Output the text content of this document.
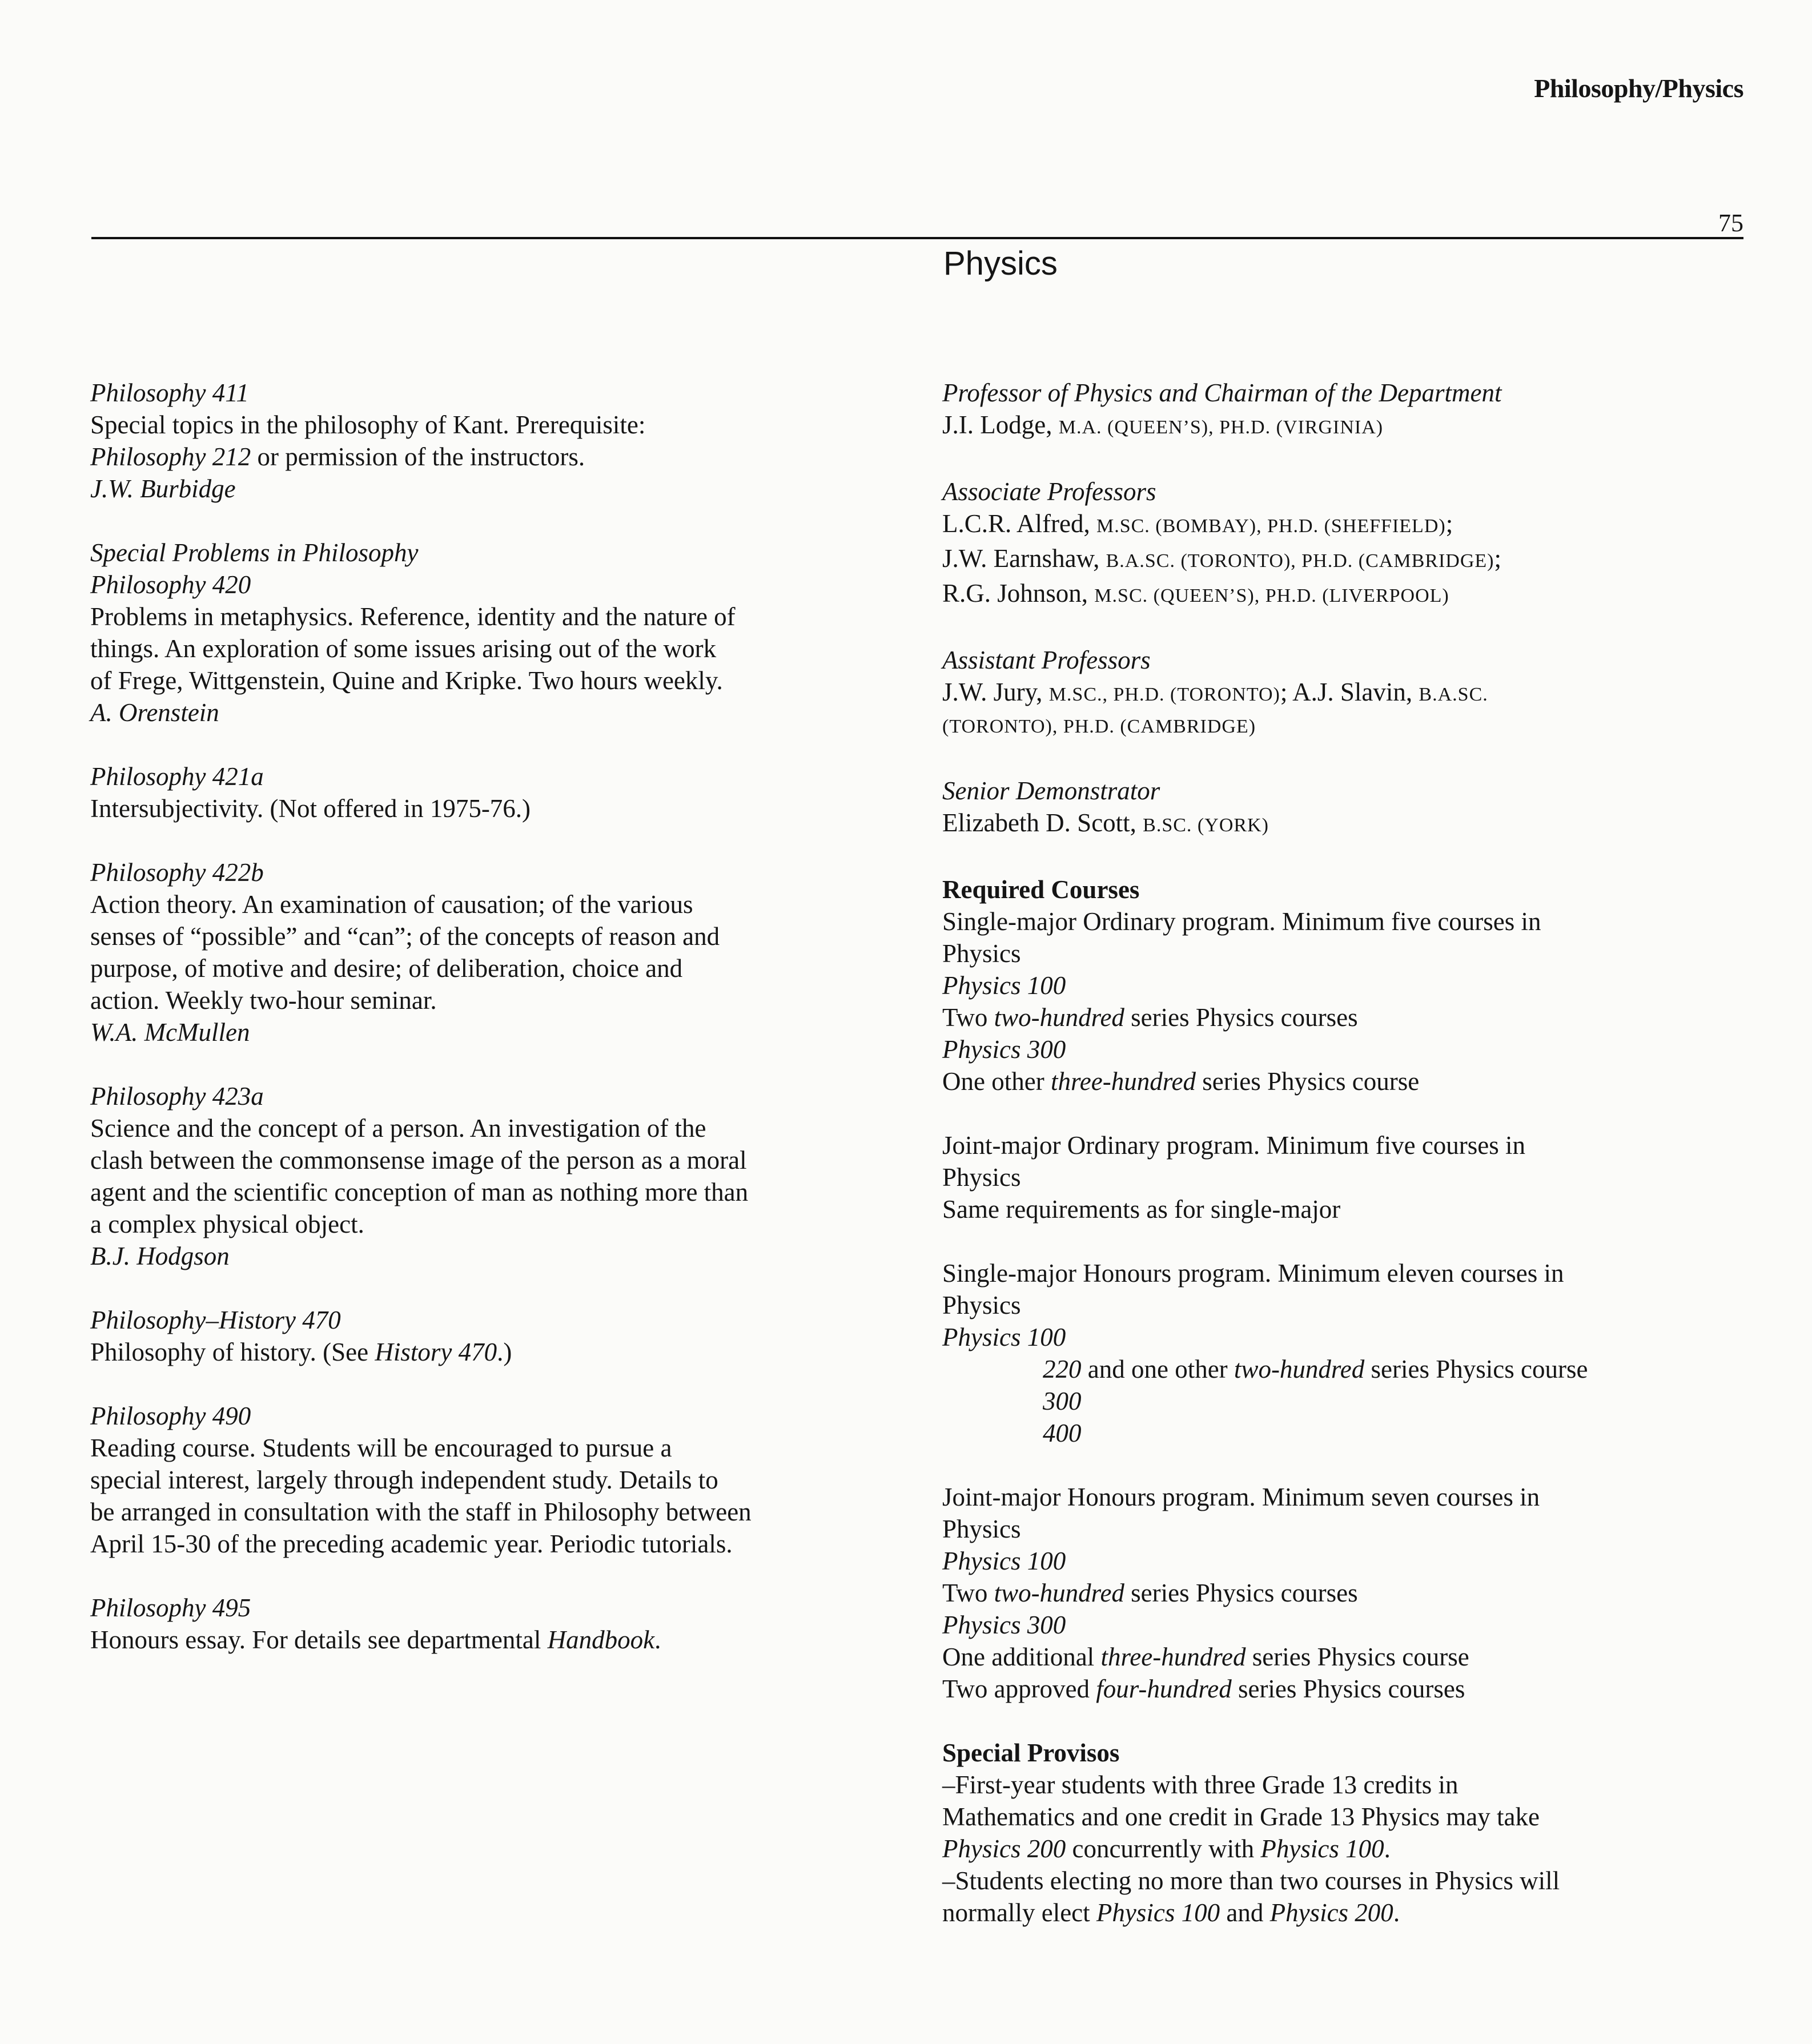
Philosophy/Physics
75
Physics
Philosophy 411
Special topics in the philosophy of Kant. Prerequisite:
Philosophy 212 or permission of the instructors.
J.W. Burbidge
Special Problems in Philosophy
Philosophy 420
Problems in metaphysics. Reference, identity and the nature of
things. An exploration of some issues arising out of the work
of Frege, Wittgenstein, Quine and Kripke. Two hours weekly.
A. Orenstein
Philosophy 421a
Intersubjectivity. (Not offered in 1975-76.)
Philosophy 422b
Action theory. An examination of causation; of the various
senses of “possible” and “can”; of the concepts of reason and
purpose, of motive and desire; of deliberation, choice and
action. Weekly two-hour seminar.
W.A. McMullen
Philosophy 423a
Science and the concept of a person. An investigation of the
clash between the commonsense image of the person as a moral
agent and the scientific conception of man as nothing more than
a complex physical object.
B.J. Hodgson
Philosophy–History 470
Philosophy of history. (See History 470.)
Philosophy 490
Reading course. Students will be encouraged to pursue a
special interest, largely through independent study. Details to
be arranged in consultation with the staff in Philosophy between
April 15-30 of the preceding academic year. Periodic tutorials.
Philosophy 495
Honours essay. For details see departmental Handbook.
Professor of Physics and Chairman of the Department
J.I. Lodge, M.A. (QUEEN’S), PH.D. (VIRGINIA)
Associate Professors
L.C.R. Alfred, M.SC. (BOMBAY), PH.D. (SHEFFIELD);
J.W. Earnshaw, B.A.SC. (TORONTO), PH.D. (CAMBRIDGE);
R.G. Johnson, M.SC. (QUEEN’S), PH.D. (LIVERPOOL)
Assistant Professors
J.W. Jury, M.SC., PH.D. (TORONTO); A.J. Slavin, B.A.SC.
(TORONTO), PH.D. (CAMBRIDGE)
Senior Demonstrator
Elizabeth D. Scott, B.SC. (YORK)
Required Courses
Single-major Ordinary program. Minimum five courses in
Physics
Physics 100
Two two-hundred series Physics courses
Physics 300
One other three-hundred series Physics course
Joint-major Ordinary program. Minimum five courses in
Physics
Same requirements as for single-major
Single-major Honours program. Minimum eleven courses in
Physics
Physics 100
220 and one other two-hundred series Physics course
300
400
Joint-major Honours program. Minimum seven courses in
Physics
Physics 100
Two two-hundred series Physics courses
Physics 300
One additional three-hundred series Physics course
Two approved four-hundred series Physics courses
Special Provisos
–First-year students with three Grade 13 credits in
Mathematics and one credit in Grade 13 Physics may take
Physics 200 concurrently with Physics 100.
–Students electing no more than two courses in Physics will
normally elect Physics 100 and Physics 200.
